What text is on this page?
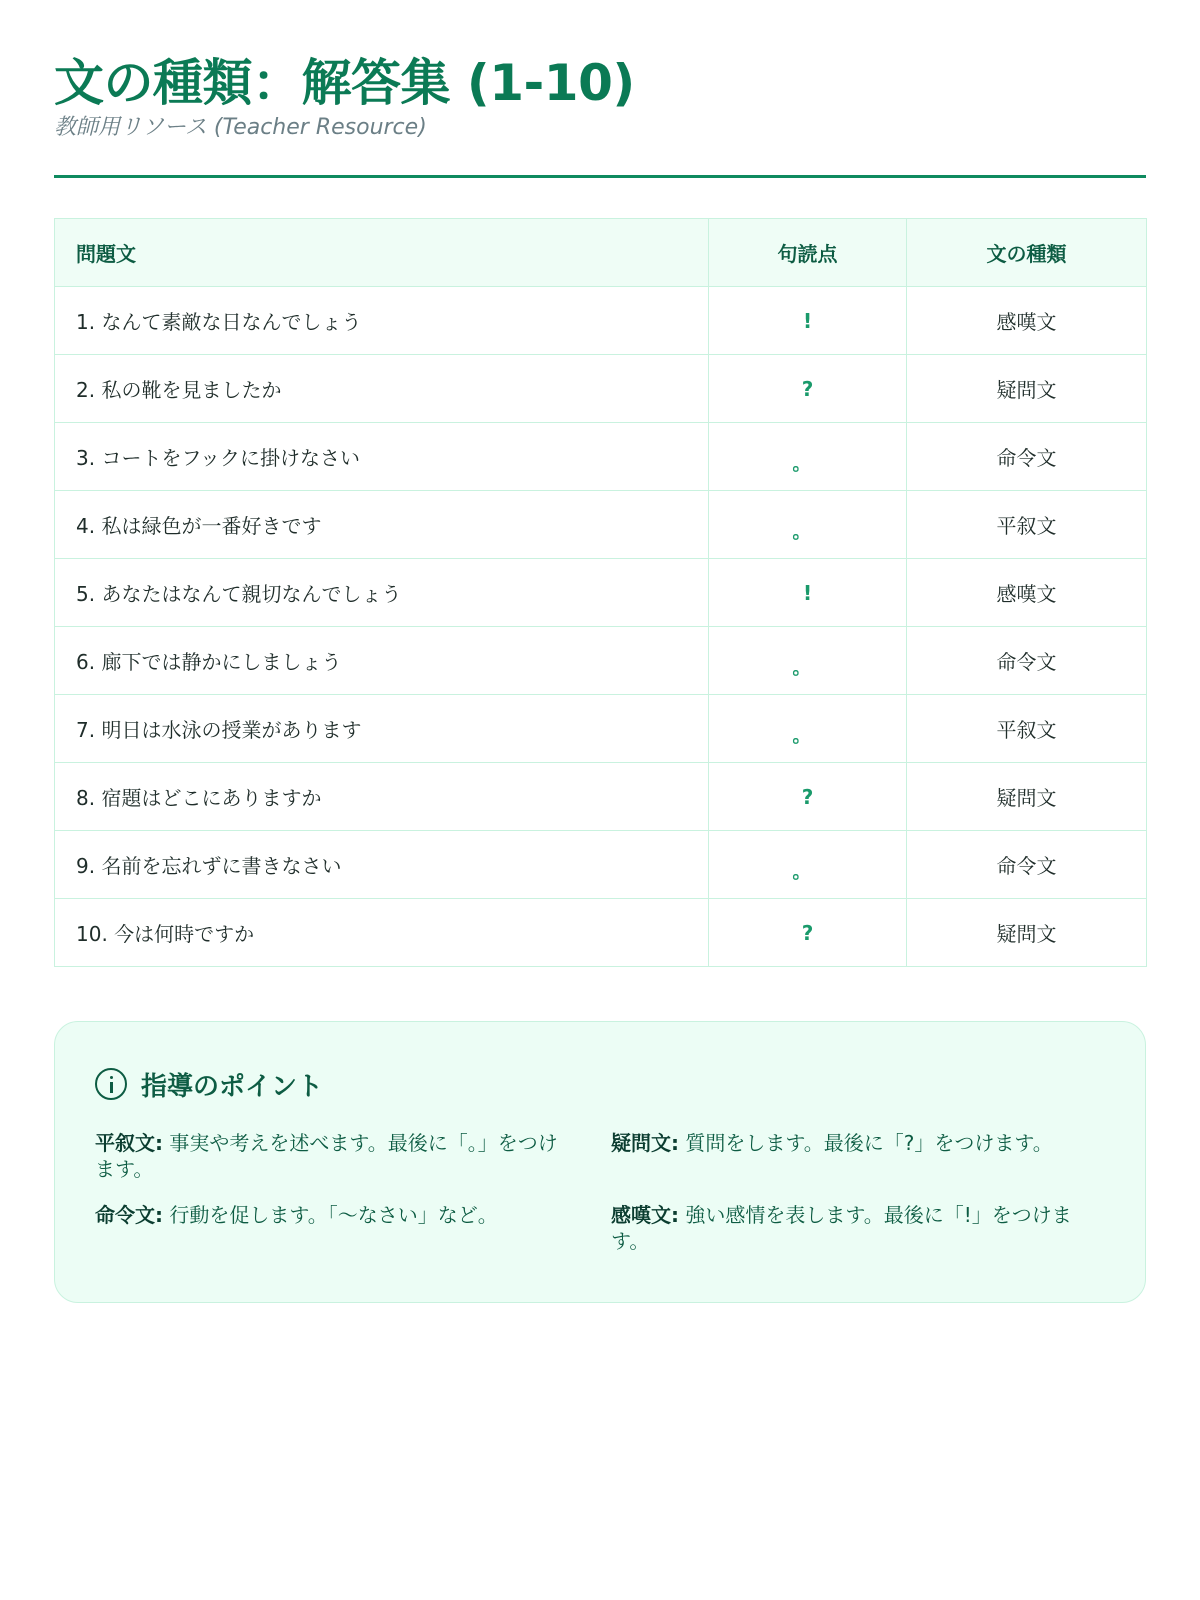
文の種類：解答集 (1-10)
教師用リソース (Teacher Resource)
問題文	句読点	文の種類
1. なんて素敵な日なんでしょう	!	感嘆文
2. 私の靴を見ましたか	?	疑問文
3. コートをフックに掛けなさい	。	命令文
4. 私は緑色が一番好きです	。	平叙文
5. あなたはなんて親切なんでしょう	!	感嘆文
6. 廊下では静かにしましょう	。	命令文
7. 明日は水泳の授業があります	。	平叙文
8. 宿題はどこにありますか	?	疑問文
9. 名前を忘れずに書きなさい	。	命令文
10. 今は何時ですか	?	疑問文
指導のポイント
平叙文: 事実や考えを述べます。最後に「。」をつけます。
疑問文: 質問をします。最後に「?」をつけます。
命令文: 行動を促します。「〜なさい」など。	感嘆文: 強い感情を表します。最後に「!」をつけます。
